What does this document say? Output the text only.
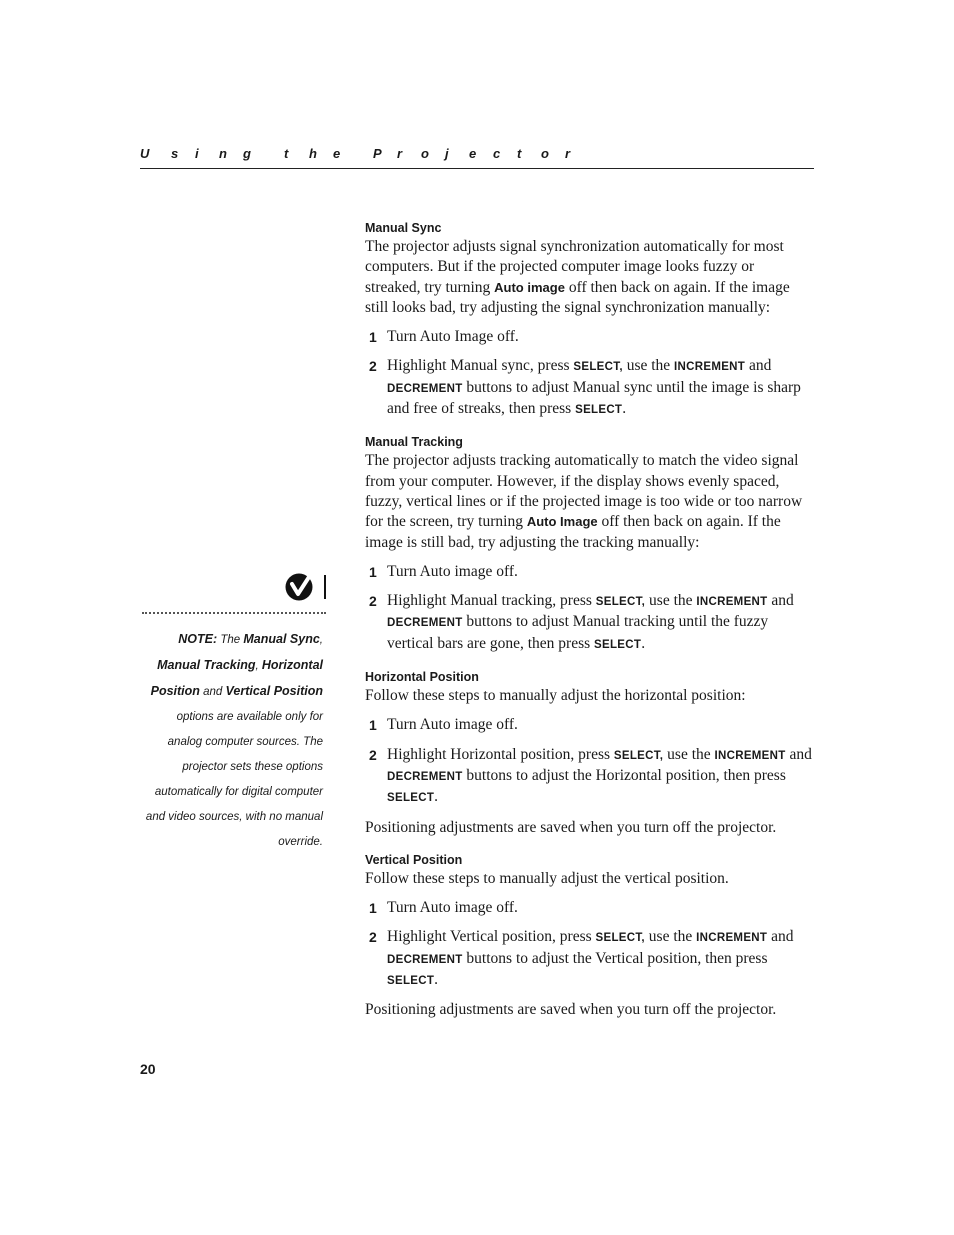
U s i n g	t h e	P r o j e c t o r
NOTE: The Manual Sync,
Manual Tracking, Horizontal Position and Vertical Position options are available only for analog computer sources. The projector sets these options automatically for digital computer and video sources, with no manual override.
20
Manual Sync

The projector adjusts signal synchronization automatically for most computers. But if the projected computer image looks fuzzy or streaked, try turning Auto image off then back on again. If the image still looks bad, try adjusting the signal synchronization manually:

1 Turn Auto Image off.
2 Highlight Manual sync, press SELECT, use the INCREMENT and DECREMENT buttons to adjust Manual sync until the image is sharp and free of streaks, then press SELECT.
Manual Tracking

The projector adjusts tracking automatically to match the video signal from your computer. However, if the display shows evenly spaced, fuzzy, vertical lines or if the projected image is too wide or too narrow for the screen, try turning Auto Image off then back on again. If the image is still bad, try adjusting the tracking manually:

1 Turn Auto image off.
2 Highlight Manual tracking, press SELECT, use the INCREMENT and DECREMENT buttons to adjust Manual tracking until the fuzzy vertical bars are gone, then press SELECT.
Horizontal Position

Follow these steps to manually adjust the horizontal position:

1 Turn Auto image off.
2 Highlight Horizontal position, press SELECT, use the INCREMENT and DECREMENT buttons to adjust the Horizontal position, then press SELECT.

Positioning adjustments are saved when you turn off the projector.

Vertical Position

Follow these steps to manually adjust the vertical position.

1 Turn Auto image off.
2 Highlight Vertical position, press SELECT, use the INCREMENT and DECREMENT buttons to adjust the Vertical position, then press SELECT.

Positioning adjustments are saved when you turn off the projector.
